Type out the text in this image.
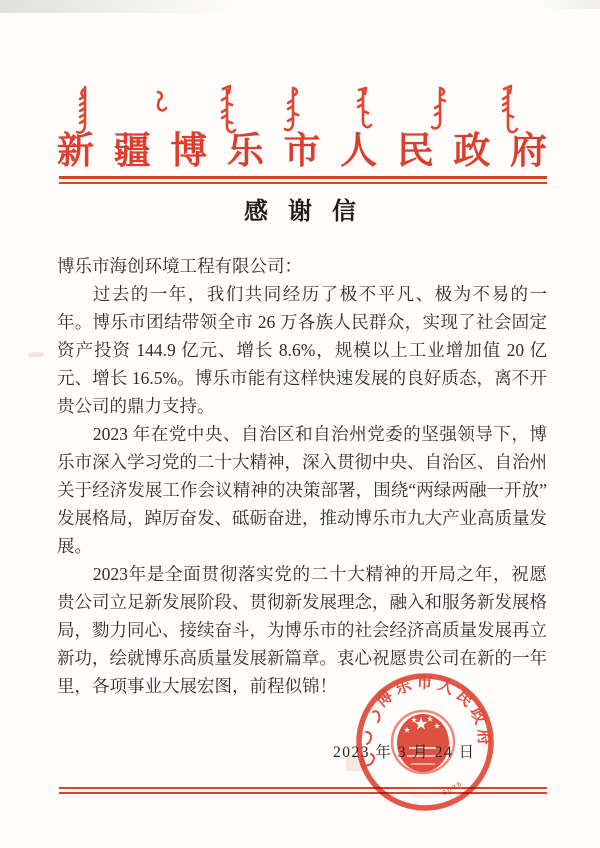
新疆博乐市人民政府
感谢信

博乐市海创环境工程有限公司：

过去的一年，我们共同经历了极不平凡、极为不易的一年。博乐市团结带领全市 26 万各族人民群众，实现了社会固定资产投资 144.9 亿元、增长 8.6%，规模以上工业增加值 20 亿元、增长 16.5%。博乐市能有这样快速发展的良好质态，离不开贵公司的鼎力支持。

2023 年在党中央、自治区和自治州党委的坚强领导下，博乐市深入学习党的二十大精神，深入贯彻中央、自治区、自治州关于经济发展工作会议精神的决策部署，围绕“两绿两融一开放”发展格局，踔厉奋发、砥砺奋进，推动博乐市九大产业高质量发展。

2023年是全面贯彻落实党的二十大精神的开局之年，祝愿贵公司立足新发展阶段、贯彻新发展理念，融入和服务新发展格局，勠力同心、接续奋斗，为博乐市的社会经济高质量发展再立新功，绘就博乐高质量发展新篇章。衷心祝愿贵公司在新的一年里，各项事业大展宏图，前程似锦！	博乐市人民政府
··········8076
2023 年 3 月 24 日
